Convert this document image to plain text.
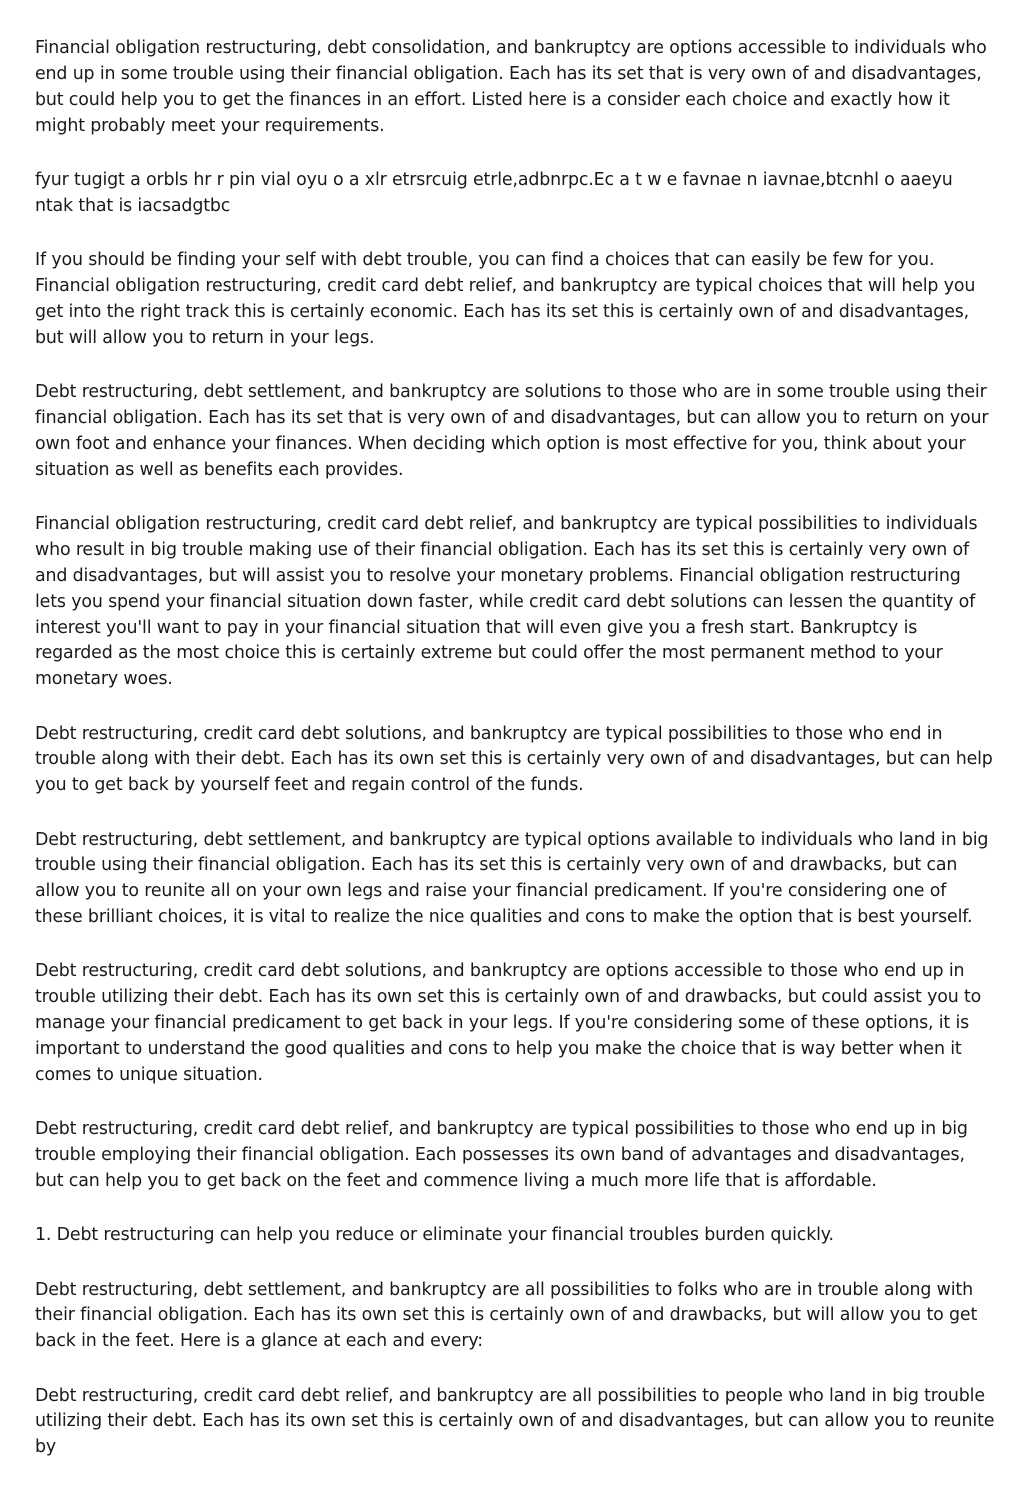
Financial obligation restructuring, debt consolidation, and bankruptcy are options accessible to individuals who end up in some trouble using their financial obligation. Each has its set that is very own of and disadvantages, but could help you to get the finances in an effort. Listed here is a consider each choice and exactly how it might probably meet your requirements.

fyur tugigt a orbls hr r pin vial oyu o a xlr etrsrcuig etrle,adbnrpc.Ec a t w e favnae n iavnae,btcnhl o aaeyu ntak that is iacsadgtbc

If you should be finding your self with debt trouble, you can find a choices that can easily be few for you. Financial obligation restructuring, credit card debt relief, and bankruptcy are typical choices that will help you get into the right track this is certainly economic. Each has its set this is certainly own of and disadvantages, but will allow you to return in your legs.

Debt restructuring, debt settlement, and bankruptcy are solutions to those who are in some trouble using their financial obligation. Each has its set that is very own of and disadvantages, but can allow you to return on your own foot and enhance your finances. When deciding which option is most effective for you, think about your situation as well as benefits each provides.

Financial obligation restructuring, credit card debt relief, and bankruptcy are typical possibilities to individuals who result in big trouble making use of their financial obligation. Each has its set this is certainly very own of and disadvantages, but will assist you to resolve your monetary problems. Financial obligation restructuring lets you spend your financial situation down faster, while credit card debt solutions can lessen the quantity of interest you'll want to pay in your financial situation that will even give you a fresh start. Bankruptcy is regarded as the most choice this is certainly extreme but could offer the most permanent method to your monetary woes.

Debt restructuring, credit card debt solutions, and bankruptcy are typical possibilities to those who end in trouble along with their debt. Each has its own set this is certainly very own of and disadvantages, but can help you to get back by yourself feet and regain control of the funds.

Debt restructuring, debt settlement, and bankruptcy are typical options available to individuals who land in big trouble using their financial obligation. Each has its set this is certainly very own of and drawbacks, but can allow you to reunite all on your own legs and raise your financial predicament. If you're considering one of these brilliant choices, it is vital to realize the nice qualities and cons to make the option that is best yourself.

Debt restructuring, credit card debt solutions, and bankruptcy are options accessible to those who end up in trouble utilizing their debt. Each has its own set this is certainly own of and drawbacks, but could assist you to manage your financial predicament to get back in your legs. If you're considering some of these options, it is important to understand the good qualities and cons to help you make the choice that is way better when it comes to unique situation.

Debt restructuring, credit card debt relief, and bankruptcy are typical possibilities to those who end up in big trouble employing their financial obligation. Each possesses its own band of advantages and disadvantages, but can help you to get back on the feet and commence living a much more life that is affordable.

1. Debt restructuring can help you reduce or eliminate your financial troubles burden quickly.

Debt restructuring, debt settlement, and bankruptcy are all possibilities to folks who are in trouble along with their financial obligation. Each has its own set this is certainly own of and drawbacks, but will allow you to get back in the feet. Here is a glance at each and every:

Debt restructuring, credit card debt relief, and bankruptcy are all possibilities to people who land in big trouble utilizing their debt. Each has its own set this is certainly own of and disadvantages, but can allow you to reunite by
